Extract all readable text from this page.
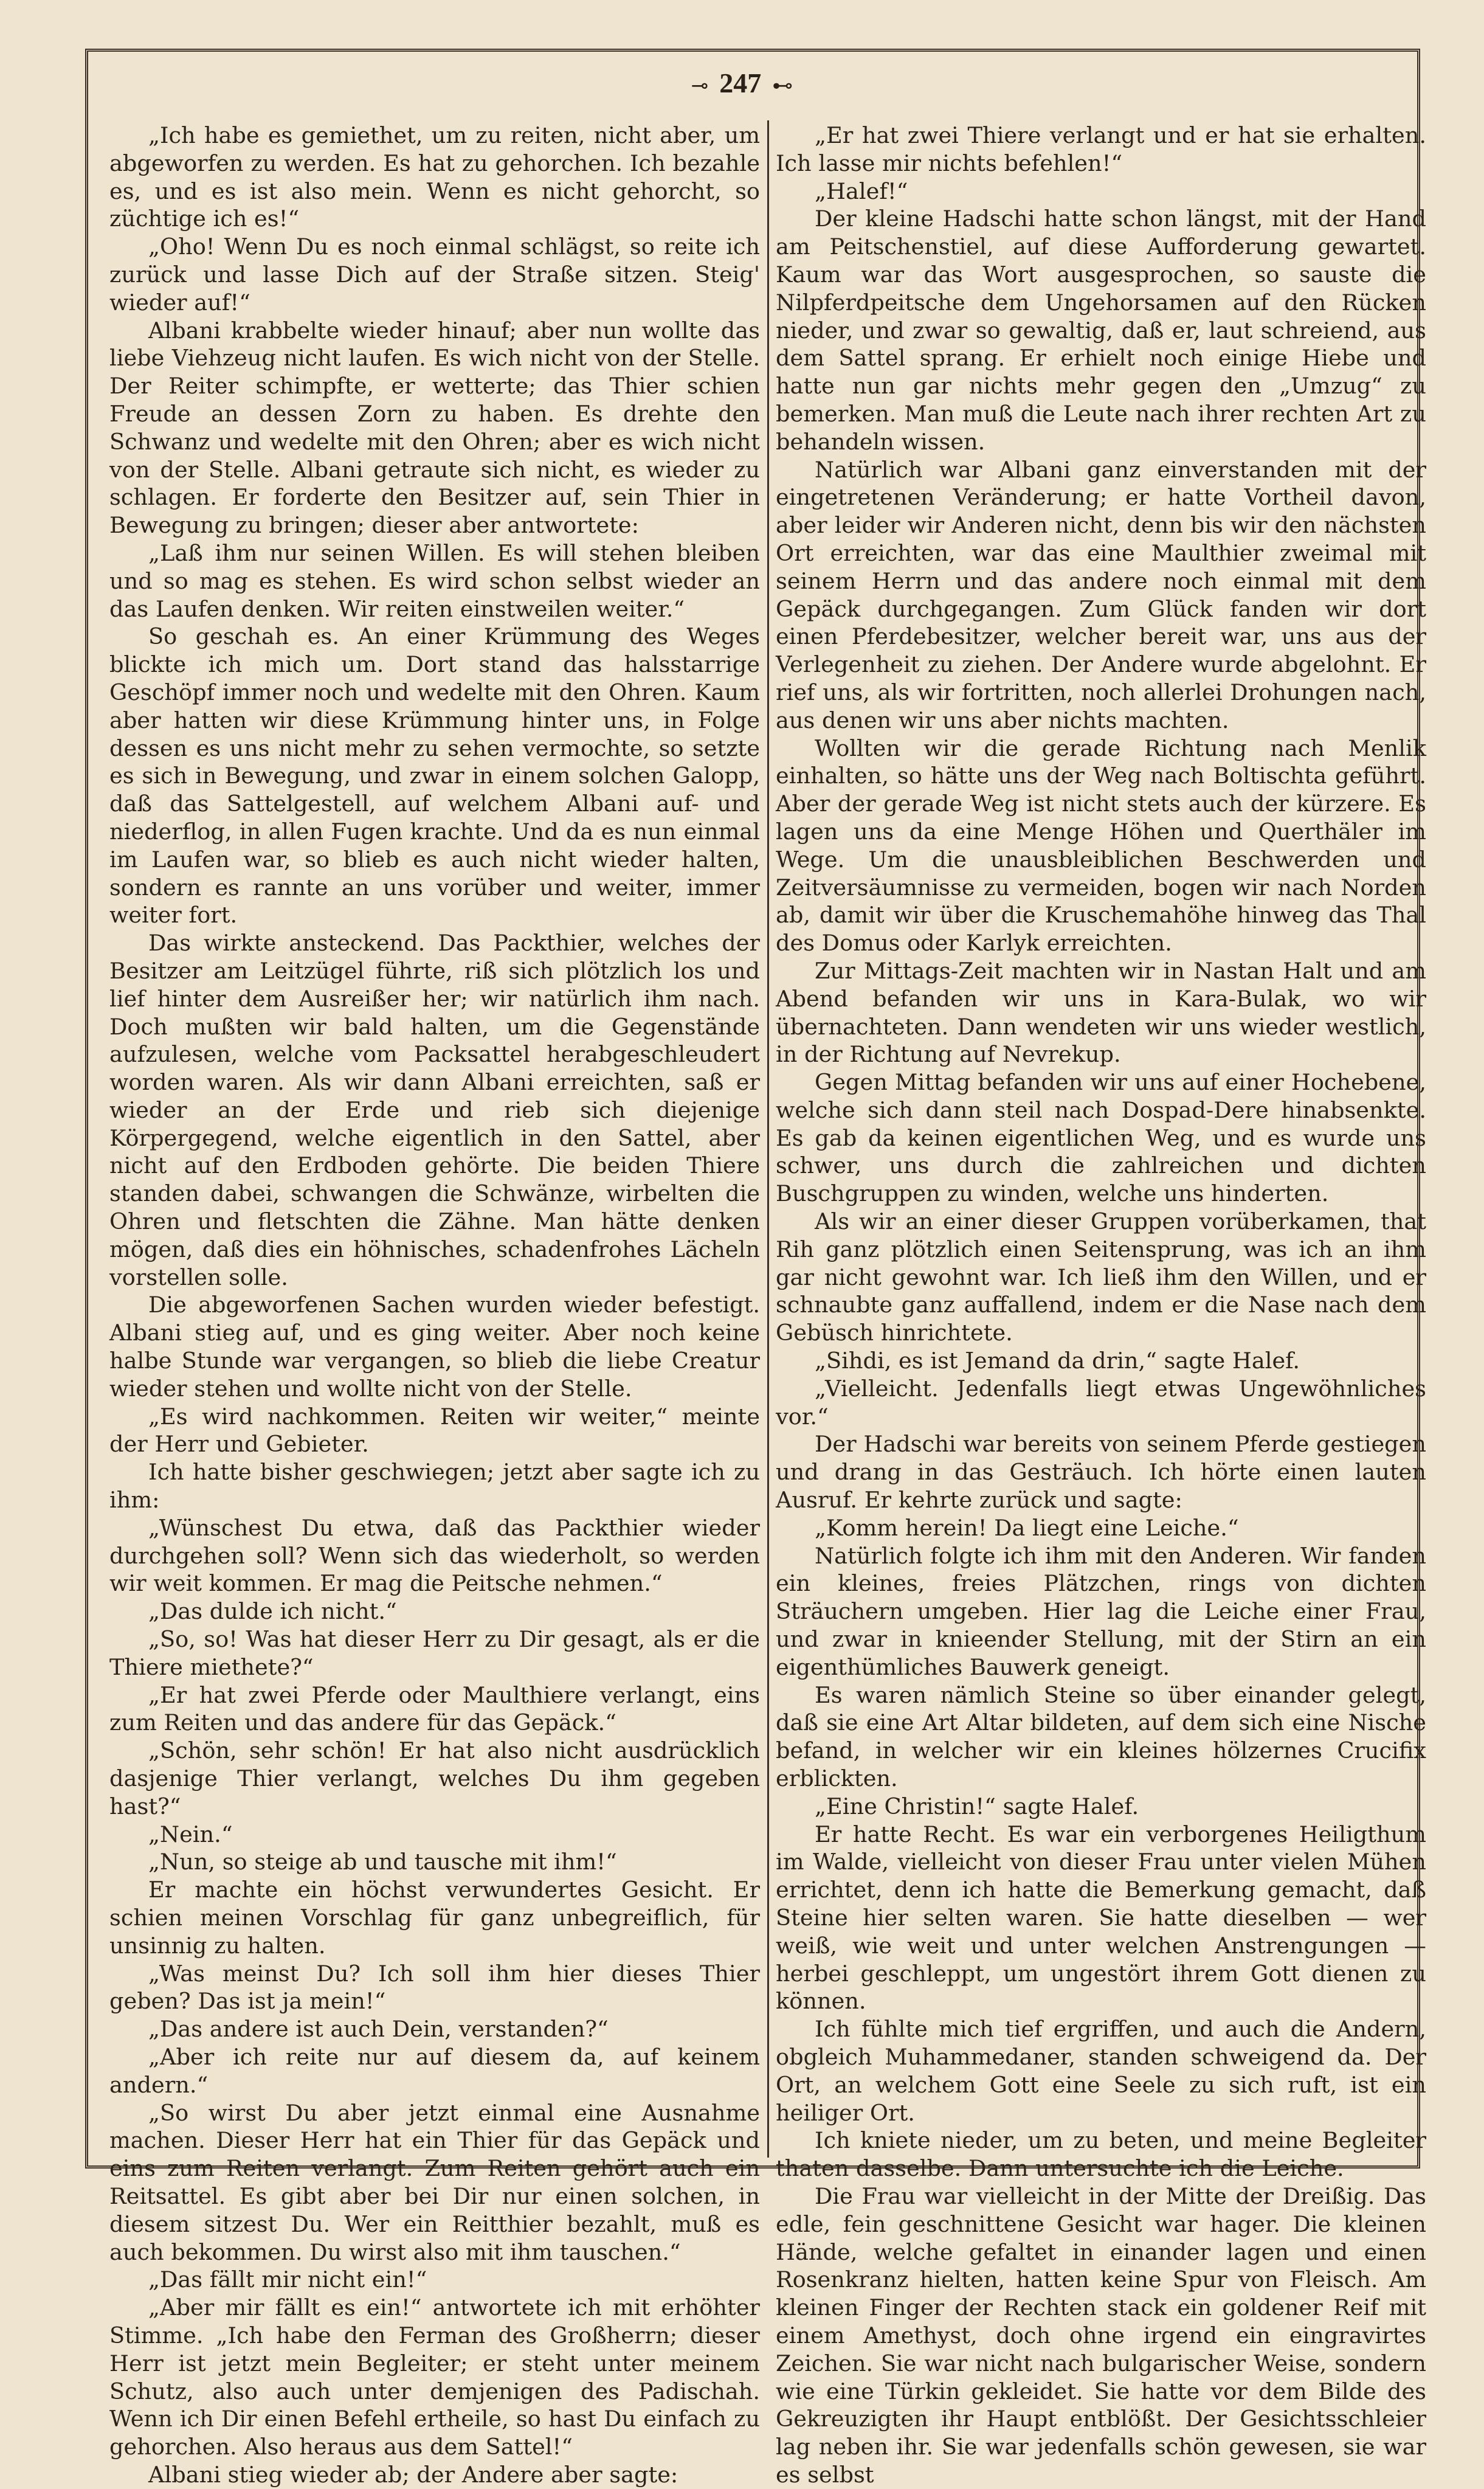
⊸ 247 ⊷

„Ich habe es gemiethet, um zu reiten, nicht aber, um abgeworfen zu werden. Es hat zu gehorchen. Ich bezahle es, und es ist also mein. Wenn es nicht gehorcht, so züchtige ich es!“

„Oho! Wenn Du es noch einmal schlägst, so reite ich zurück und lasse Dich auf der Straße sitzen. Steig' wieder auf!“

Albani krabbelte wieder hinauf; aber nun wollte das liebe Viehzeug nicht laufen. Es wich nicht von der Stelle. Der Reiter schimpfte, er wetterte; das Thier schien Freude an dessen Zorn zu haben. Es drehte den Schwanz und wedelte mit den Ohren; aber es wich nicht von der Stelle. Albani getraute sich nicht, es wieder zu schlagen. Er forderte den Besitzer auf, sein Thier in Bewegung zu bringen; dieser aber antwortete:

„Laß ihm nur seinen Willen. Es will stehen bleiben und so mag es stehen. Es wird schon selbst wieder an das Laufen denken. Wir reiten einstweilen weiter.“

So geschah es. An einer Krümmung des Weges blickte ich mich um. Dort stand das halsstarrige Geschöpf immer noch und wedelte mit den Ohren. Kaum aber hatten wir diese Krümmung hinter uns, in Folge dessen es uns nicht mehr zu sehen vermochte, so setzte es sich in Bewegung, und zwar in einem solchen Galopp, daß das Sattelgestell, auf welchem Albani auf- und niederflog, in allen Fugen krachte. Und da es nun einmal im Laufen war, so blieb es auch nicht wieder halten, sondern es rannte an uns vorüber und weiter, immer weiter fort.

Das wirkte ansteckend. Das Packthier, welches der Besitzer am Leitzügel führte, riß sich plötzlich los und lief hinter dem Ausreißer her; wir natürlich ihm nach. Doch mußten wir bald halten, um die Gegenstände aufzulesen, welche vom Packsattel herabgeschleudert worden waren. Als wir dann Albani erreichten, saß er wieder an der Erde und rieb sich diejenige Körpergegend, welche eigentlich in den Sattel, aber nicht auf den Erdboden gehörte. Die beiden Thiere standen dabei, schwangen die Schwänze, wirbelten die Ohren und fletschten die Zähne. Man hätte denken mögen, daß dies ein höhnisches, schadenfrohes Lächeln vorstellen solle.

Die abgeworfenen Sachen wurden wieder befestigt. Albani stieg auf, und es ging weiter. Aber noch keine halbe Stunde war vergangen, so blieb die liebe Creatur wieder stehen und wollte nicht von der Stelle.

„Es wird nachkommen. Reiten wir weiter,“ meinte der Herr und Gebieter.

Ich hatte bisher geschwiegen; jetzt aber sagte ich zu ihm:

„Wünschest Du etwa, daß das Packthier wieder durchgehen soll? Wenn sich das wiederholt, so werden wir weit kommen. Er mag die Peitsche nehmen.“

„Das dulde ich nicht.“

„So, so! Was hat dieser Herr zu Dir gesagt, als er die Thiere miethete?“

„Er hat zwei Pferde oder Maulthiere verlangt, eins zum Reiten und das andere für das Gepäck.“

„Schön, sehr schön! Er hat also nicht ausdrücklich dasjenige Thier verlangt, welches Du ihm gegeben hast?“

„Nein.“

„Nun, so steige ab und tausche mit ihm!“

Er machte ein höchst verwundertes Gesicht. Er schien meinen Vorschlag für ganz unbegreiflich, für unsinnig zu halten.

„Was meinst Du? Ich soll ihm hier dieses Thier geben? Das ist ja mein!“

„Das andere ist auch Dein, verstanden?“

„Aber ich reite nur auf diesem da, auf keinem andern.“

„So wirst Du aber jetzt einmal eine Ausnahme machen. Dieser Herr hat ein Thier für das Gepäck und eins zum Reiten verlangt. Zum Reiten gehört auch ein Reitsattel. Es gibt aber bei Dir nur einen solchen, in diesem sitzest Du. Wer ein Reitthier bezahlt, muß es auch bekommen. Du wirst also mit ihm tauschen.“

„Das fällt mir nicht ein!“

„Aber mir fällt es ein!“ antwortete ich mit erhöhter Stimme. „Ich habe den Ferman des Großherrn; dieser Herr ist jetzt mein Begleiter; er steht unter meinem Schutz, also auch unter demjenigen des Padischah. Wenn ich Dir einen Befehl ertheile, so hast Du einfach zu gehorchen. Also heraus aus dem Sattel!“

Albani stieg wieder ab; der Andere aber sagte:

„Er hat zwei Thiere verlangt und er hat sie erhalten. Ich lasse mir nichts befehlen!“

„Halef!“

Der kleine Hadschi hatte schon längst, mit der Hand am Peitschenstiel, auf diese Aufforderung gewartet. Kaum war das Wort ausgesprochen, so sauste die Nilpferdpeitsche dem Ungehorsamen auf den Rücken nieder, und zwar so gewaltig, daß er, laut schreiend, aus dem Sattel sprang. Er erhielt noch einige Hiebe und hatte nun gar nichts mehr gegen den „Umzug“ zu bemerken. Man muß die Leute nach ihrer rechten Art zu behandeln wissen.

Natürlich war Albani ganz einverstanden mit der eingetretenen Veränderung; er hatte Vortheil davon, aber leider wir Anderen nicht, denn bis wir den nächsten Ort erreichten, war das eine Maulthier zweimal mit seinem Herrn und das andere noch einmal mit dem Gepäck durchgegangen. Zum Glück fanden wir dort einen Pferdebesitzer, welcher bereit war, uns aus der Verlegenheit zu ziehen. Der Andere wurde abgelohnt. Er rief uns, als wir fortritten, noch allerlei Drohungen nach, aus denen wir uns aber nichts machten.

Wollten wir die gerade Richtung nach Menlik einhalten, so hätte uns der Weg nach Boltischta geführt. Aber der gerade Weg ist nicht stets auch der kürzere. Es lagen uns da eine Menge Höhen und Querthäler im Wege. Um die unausbleiblichen Beschwerden und Zeitversäumnisse zu vermeiden, bogen wir nach Norden ab, damit wir über die Kruschemahöhe hinweg das Thal des Domus oder Karlyk erreichten.

Zur Mittags-Zeit machten wir in Nastan Halt und am Abend befanden wir uns in Kara-Bulak, wo wir übernachteten. Dann wendeten wir uns wieder westlich, in der Richtung auf Nevrekup.

Gegen Mittag befanden wir uns auf einer Hochebene, welche sich dann steil nach Dospad-Dere hinabsenkte. Es gab da keinen eigentlichen Weg, und es wurde uns schwer, uns durch die zahlreichen und dichten Buschgruppen zu winden, welche uns hinderten.

Als wir an einer dieser Gruppen vorüberkamen, that Rih ganz plötzlich einen Seitensprung, was ich an ihm gar nicht gewohnt war. Ich ließ ihm den Willen, und er schnaubte ganz auffallend, indem er die Nase nach dem Gebüsch hinrichtete.

„Sihdi, es ist Jemand da drin,“ sagte Halef.

„Vielleicht. Jedenfalls liegt etwas Ungewöhnliches vor.“

Der Hadschi war bereits von seinem Pferde gestiegen und drang in das Gesträuch. Ich hörte einen lauten Ausruf. Er kehrte zurück und sagte:

„Komm herein! Da liegt eine Leiche.“

Natürlich folgte ich ihm mit den Anderen. Wir fanden ein kleines, freies Plätzchen, rings von dichten Sträuchern umgeben. Hier lag die Leiche einer Frau, und zwar in knieender Stellung, mit der Stirn an ein eigenthümliches Bauwerk geneigt.

Es waren nämlich Steine so über einander gelegt, daß sie eine Art Altar bildeten, auf dem sich eine Nische befand, in welcher wir ein kleines hölzernes Crucifix erblickten.

„Eine Christin!“ sagte Halef.

Er hatte Recht. Es war ein verborgenes Heiligthum im Walde, vielleicht von dieser Frau unter vielen Mühen errichtet, denn ich hatte die Bemerkung gemacht, daß Steine hier selten waren. Sie hatte dieselben — wer weiß, wie weit und unter welchen Anstrengungen — herbei geschleppt, um ungestört ihrem Gott dienen zu können.

Ich fühlte mich tief ergriffen, und auch die Andern, obgleich Muhammedaner, standen schweigend da. Der Ort, an welchem Gott eine Seele zu sich ruft, ist ein heiliger Ort.

Ich kniete nieder, um zu beten, und meine Begleiter thaten dasselbe. Dann untersuchte ich die Leiche.

Die Frau war vielleicht in der Mitte der Dreißig. Das edle, fein geschnittene Gesicht war hager. Die kleinen Hände, welche gefaltet in einander lagen und einen Rosenkranz hielten, hatten keine Spur von Fleisch. Am kleinen Finger der Rechten stack ein goldener Reif mit einem Amethyst, doch ohne irgend ein eingravirtes Zeichen. Sie war nicht nach bulgarischer Weise, sondern wie eine Türkin gekleidet. Sie hatte vor dem Bilde des Gekreuzigten ihr Haupt entblößt. Der Gesichtsschleier lag neben ihr. Sie war jedenfalls schön gewesen, sie war es selbst
